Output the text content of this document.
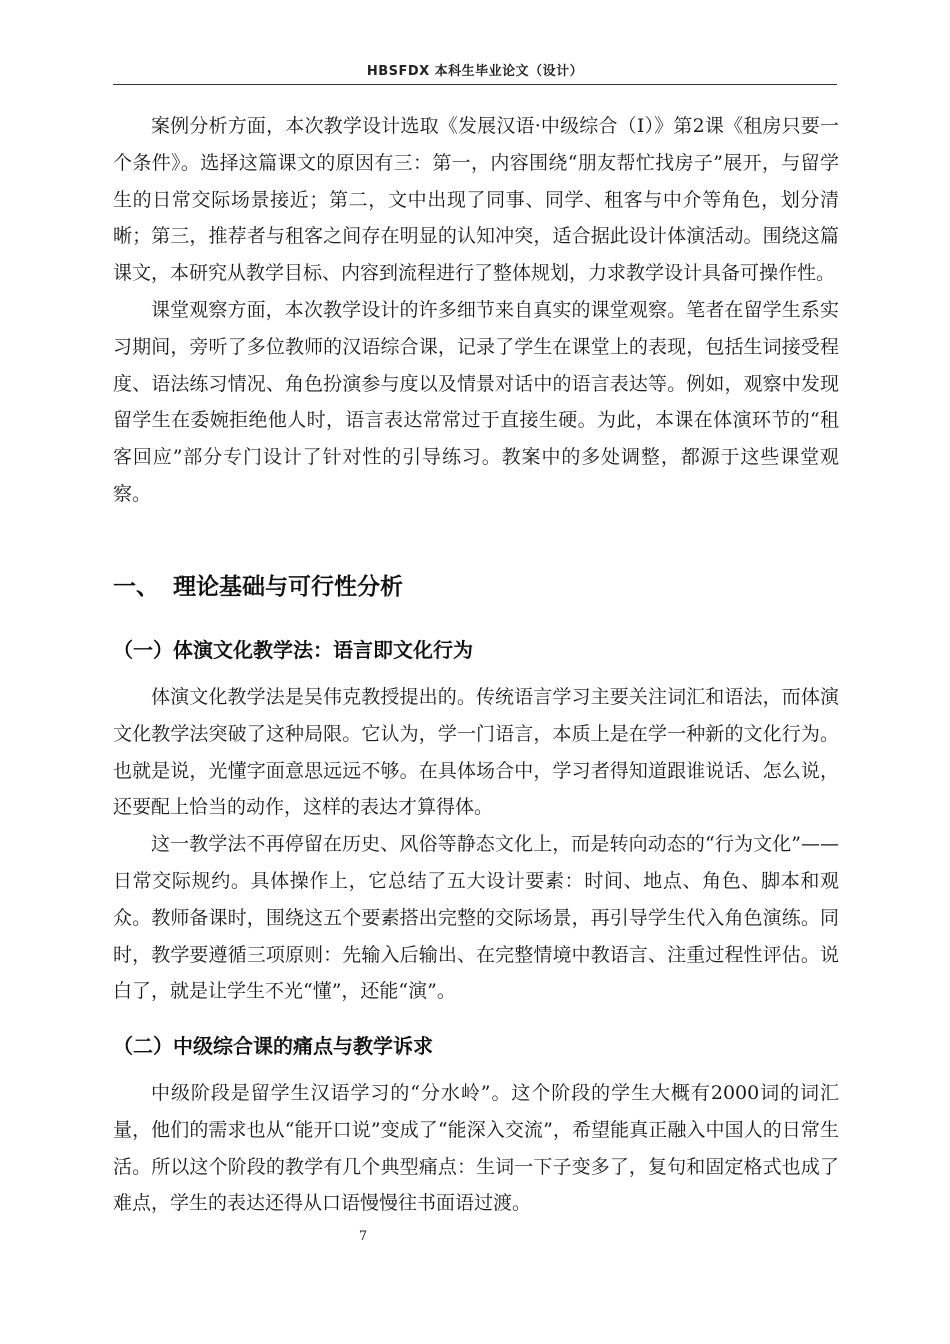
HBSFDX 本科生毕业论文（设计）

案例分析方面，本次教学设计选取《发展汉语·中级综合（Ⅰ）》第2课《租房只要一个条件》。选择这篇课文的原因有三：第一，内容围绕“朋友帮忙找房子”展开，与留学生的日常交际场景接近；第二，文中出现了同事、同学、租客与中介等角色，划分清晰；第三，推荐者与租客之间存在明显的认知冲突，适合据此设计体演活动。围绕这篇课文，本研究从教学目标、内容到流程进行了整体规划，力求教学设计具备可操作性。

课堂观察方面，本次教学设计的许多细节来自真实的课堂观察。笔者在留学生系实习期间，旁听了多位教师的汉语综合课，记录了学生在课堂上的表现，包括生词接受程度、语法练习情况、角色扮演参与度以及情景对话中的语言表达等。例如，观察中发现留学生在委婉拒绝他人时，语言表达常常过于直接生硬。为此，本课在体演环节的“租客回应”部分专门设计了针对性的引导练习。教案中的多处调整，都源于这些课堂观察。

一、 理论基础与可行性分析
（一）体演文化教学法：语言即文化行为

体演文化教学法是吴伟克教授提出的。传统语言学习主要关注词汇和语法，而体演文化教学法突破了这种局限。它认为，学一门语言，本质上是在学一种新的文化行为。也就是说，光懂字面意思远远不够。在具体场合中，学习者得知道跟谁说话、怎么说，还要配上恰当的动作，这样的表达才算得体。

这一教学法不再停留在历史、风俗等静态文化上，而是转向动态的“行为文化”——日常交际规约。具体操作上，它总结了五大设计要素：时间、地点、角色、脚本和观众。教师备课时，围绕这五个要素搭出完整的交际场景，再引导学生代入角色演练。同时，教学要遵循三项原则：先输入后输出、在完整情境中教语言、注重过程性评估。说白了，就是让学生不光“懂”，还能“演”。

（二）中级综合课的痛点与教学诉求

中级阶段是留学生汉语学习的“分水岭”。这个阶段的学生大概有2000词的词汇量，他们的需求也从“能开口说”变成了“能深入交流”，希望能真正融入中国人的日常生活。所以这个阶段的教学有几个典型痛点：生词一下子变多了，复句和固定格式也成了难点，学生的表达还得从口语慢慢往书面语过渡。

7
